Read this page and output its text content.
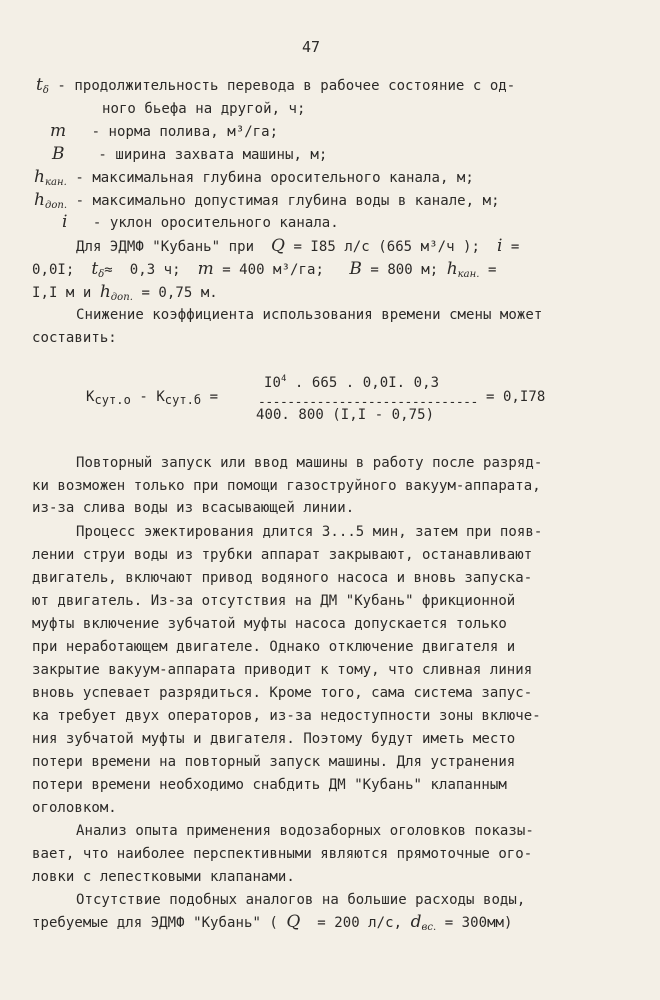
47
$t_\delta$ - продолжительность перевода в рабочее состояние с од-
ного бьефа на другой, ч;
m - норма полива, м³/га;
B - ширина захвата машины, м;
$h_{кан.}$ - максимальная глубина оросительного канала, м;
$h_{доп.}$ - максимально допустимая глубина воды в канале, м;
i - уклон оросительного канала.
Для ЭДМФ "Кубань" при Q = I85 л/с (665 м³/ч ); i =
0,0I; $t_\delta\approx 0,3$ ч; m = 400 м³/га; B = 800 м; $h_{кан.}$ =
I,I м и $h_{доп.} = 0,75$ м.
Снижение коэффициента использования времени смены может
составить:
$I0^4$ . 665 . 0,0I. 0,3
Ксут.о - Ксут.б =	------------------------------ = 0,I78
400. 800 (I,I - 0,75)
Повторный запуск или ввод машины в работу после разряд-
ки возможен только при помощи газоструйного вакуум-аппарата,
из-за слива воды из всасывающей линии.
Процесс эжектирования длится 3...5 мин, затем при появ-
лении струи воды из трубки аппарат закрывают, останавливают
двигатель, включают привод водяного насоса и вновь запуска-
ют двигатель. Из-за отсутствия на ДМ "Кубань" фрикционной
муфты включение зубчатой муфты насоса допускается только
при неработающем двигателе. Однако отключение двигателя и
закрытие вакуум-аппарата приводит к тому, что сливная линия
вновь успевает разрядиться. Кроме того, сама система запус-
ка требует двух операторов, из-за недоступности зоны включе-
ния зубчатой муфты и двигателя. Поэтому будут иметь место
потери времени на повторный запуск машины. Для устранения
потери времени необходимо снабдить ДМ "Кубань" клапанным
оголовком.
Анализ опыта применения водозаборных оголовков показы-
вает, что наиболее перспективными являются прямоточные ого-
ловки с лепестковыми клапанами.
Отсутствие подобных аналогов на большие расходы воды,
требуемые для ЭДМФ "Кубань" ( Q = 200 л/с, $d_{вс.} = 300мм$)
